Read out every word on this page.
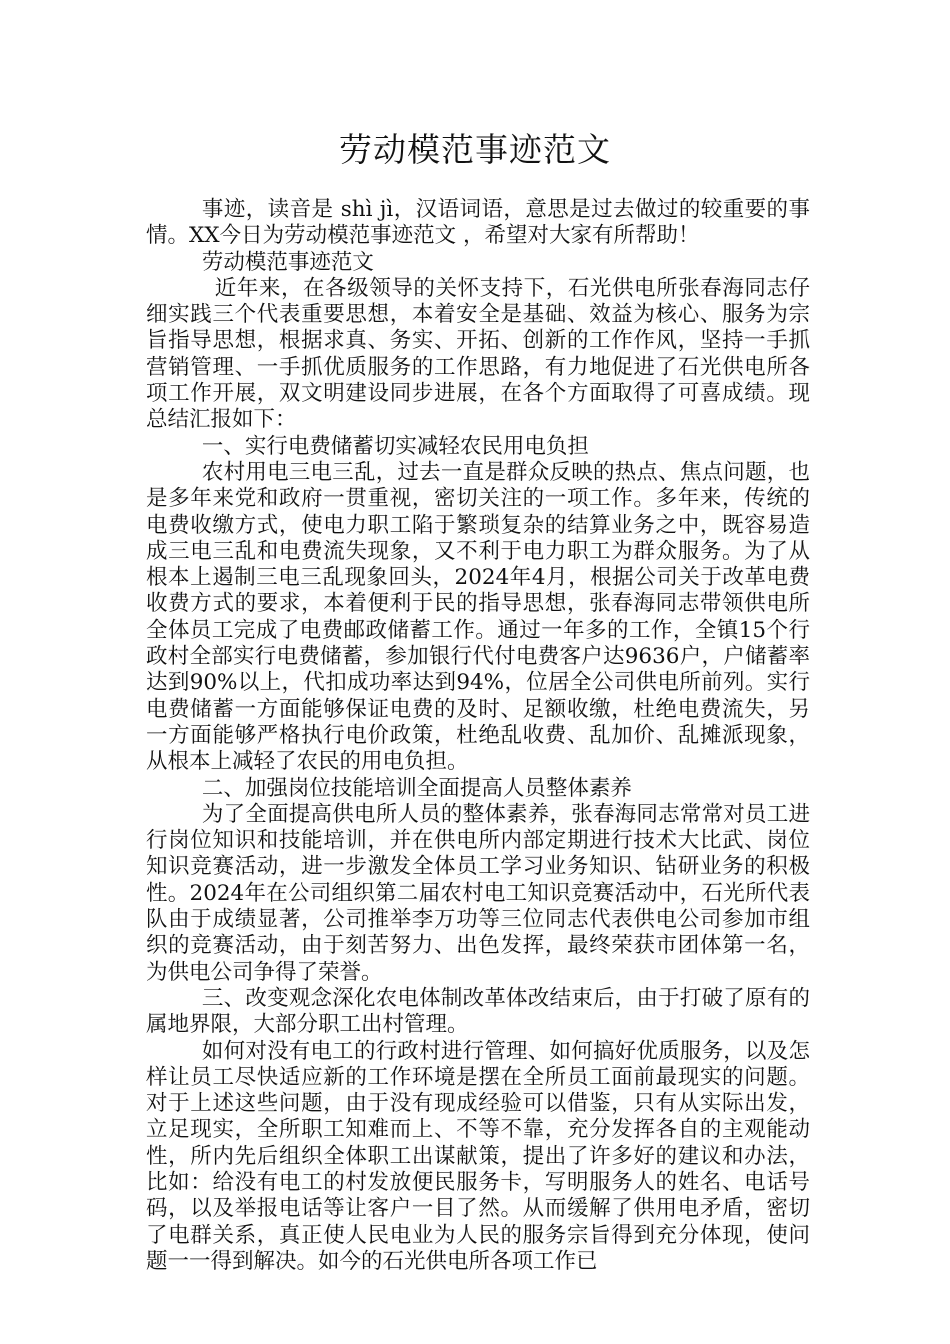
劳动模范事迹范文

事迹，读音是 shì jì，汉语词语，意思是过去做过的较重要的事情。XX今日为劳动模范事迹范文 ，希望对大家有所帮助！

劳动模范事迹范文

近年来，在各级领导的关怀支持下，石光供电所张春海同志仔细实践三个代表重要思想，本着安全是基础、效益为核心、服务为宗旨指导思想，根据求真、务实、开拓、创新的工作作风，坚持一手抓营销管理、一手抓优质服务的工作思路，有力地促进了石光供电所各项工作开展，双文明建设同步进展，在各个方面取得了可喜成绩。现总结汇报如下：

一、实行电费储蓄切实减轻农民用电负担

农村用电三电三乱，过去一直是群众反映的热点、焦点问题，也是多年来党和政府一贯重视，密切关注的一项工作。多年来，传统的电费收缴方式，使电力职工陷于繁琐复杂的结算业务之中，既容易造成三电三乱和电费流失现象，又不利于电力职工为群众服务。为了从根本上遏制三电三乱现象回头，2024年4月，根据公司关于改革电费收费方式的要求，本着便利于民的指导思想，张春海同志带领供电所全体员工完成了电费邮政储蓄工作。通过一年多的工作，全镇15个行政村全部实行电费储蓄，参加银行代付电费客户达9636户，户储蓄率达到90%以上，代扣成功率达到94%，位居全公司供电所前列。实行电费储蓄一方面能够保证电费的及时、足额收缴，杜绝电费流失，另一方面能够严格执行电价政策，杜绝乱收费、乱加价、乱摊派现象，从根本上减轻了农民的用电负担。

二、加强岗位技能培训全面提高人员整体素养

为了全面提高供电所人员的整体素养，张春海同志常常对员工进行岗位知识和技能培训，并在供电所内部定期进行技术大比武、岗位知识竞赛活动，进一步激发全体员工学习业务知识、钻研业务的积极性。2024年在公司组织第二届农村电工知识竞赛活动中，石光所代表队由于成绩显著，公司推举李万功等三位同志代表供电公司参加市组织的竞赛活动，由于刻苦努力、出色发挥，最终荣获市团体第一名，为供电公司争得了荣誉。

三、改变观念深化农电体制改革体改结束后，由于打破了原有的属地界限，大部分职工出村管理。

如何对没有电工的行政村进行管理、如何搞好优质服务，以及怎样让员工尽快适应新的工作环境是摆在全所员工面前最现实的问题。对于上述这些问题，由于没有现成经验可以借鉴，只有从实际出发，立足现实，全所职工知难而上、不等不靠，充分发挥各自的主观能动性，所内先后组织全体职工出谋献策，提出了许多好的建议和办法，比如：给没有电工的村发放便民服务卡，写明服务人的姓名、电话号码，以及举报电话等让客户一目了然。从而缓解了供用电矛盾，密切了电群关系，真正使人民电业为人民的服务宗旨得到充分体现，使问题一一得到解决。如今的石光供电所各项工作已
